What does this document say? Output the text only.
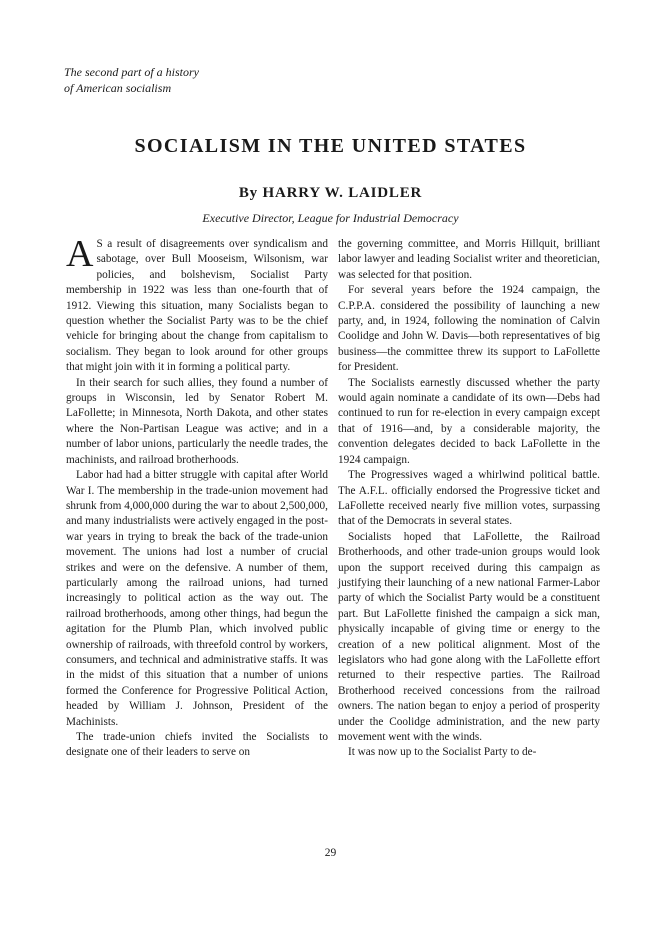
The second part of a history
of American socialism
SOCIALISM IN THE UNITED STATES
By HARRY W. LAIDLER
Executive Director, League for Industrial Democracy

A S a result of disagreements over syndicalism and sabotage, over Bull Mooseism, Wilsonism, war policies, and bolshevism, Socialist Party membership in 1922 was less than one-fourth that of 1912. Viewing this situation, many Socialists began to question whether the Socialist Party was to be the chief vehicle for bringing about the change from capitalism to socialism. They began to look around for other groups that might join with it in forming a political party.

In their search for such allies, they found a number of groups in Wisconsin, led by Senator Robert M. LaFollette; in Minnesota, North Dakota, and other states where the Non-Partisan League was active; and in a number of labor unions, particularly the needle trades, the machinists, and railroad brotherhoods.

Labor had had a bitter struggle with capital after World War I. The membership in the trade-union movement had shrunk from 4,000,000 during the war to about 2,500,000, and many industrialists were actively engaged in the post-war years in trying to break the back of the trade-union movement. The unions had lost a number of crucial strikes and were on the defensive. A number of them, particularly among the railroad unions, had turned increasingly to political action as the way out. The railroad brotherhoods, among other things, had begun the agitation for the Plumb Plan, which involved public ownership of railroads, with threefold control by workers, consumers, and technical and administrative staffs. It was in the midst of this situation that a number of unions formed the Conference for Progressive Political Action, headed by William J. Johnson, President of the Machinists.

The trade-union chiefs invited the Socialists to designate one of their leaders to serve on

the governing committee, and Morris Hillquit, brilliant labor lawyer and leading Socialist writer and theoretician, was selected for that position.

For several years before the 1924 campaign, the C.P.P.A. considered the possibility of launching a new party, and, in 1924, following the nomination of Calvin Coolidge and John W. Davis—both representatives of big business—the committee threw its support to LaFollette for President.

The Socialists earnestly discussed whether the party would again nominate a candidate of its own—Debs had continued to run for re-election in every campaign except that of 1916—and, by a considerable majority, the convention delegates decided to back LaFollette in the 1924 campaign.

The Progressives waged a whirlwind political battle. The A.F.L. officially endorsed the Progressive ticket and LaFollette received nearly five million votes, surpassing that of the Democrats in several states.

Socialists hoped that LaFollette, the Railroad Brotherhoods, and other trade-union groups would look upon the support received during this campaign as justifying their launching of a new national Farmer-Labor party of which the Socialist Party would be a constituent part. But LaFollette finished the campaign a sick man, physically incapable of giving time or energy to the creation of a new political alignment. Most of the legislators who had gone along with the LaFollette effort returned to their respective parties. The Railroad Brotherhood received concessions from the railroad owners. The nation began to enjoy a period of prosperity under the Coolidge administration, and the new party movement went with the winds.

It was now up to the Socialist Party to de-

29
